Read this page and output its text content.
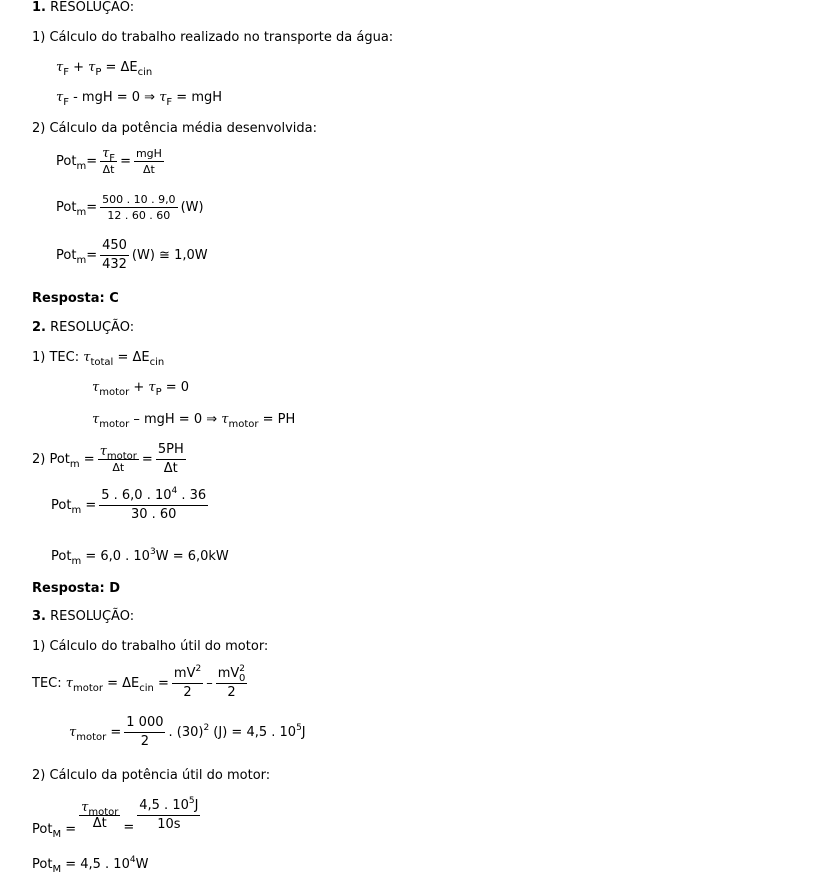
1. RESOLUÇÃO:
1) Cálculo do trabalho realizado no transporte da água:
$\tau_F + \tau_P = \Delta E_{cin}$
$\tau_F$ - mgH = 0 ⇒ $\tau_F$ = mgH
2) Cálculo da potência média desenvolvida:
$Pot_m= \frac{\tau_F}{\Delta t}$ = mgH
Δt
$Pot_m= \frac{500 . 10 . 9,0}{12 . 60 . 60} (W)$
$Pot_m= \frac{450}{432} (W)$ ≅ 1,0W
Resposta: C
2. RESOLUÇÃO:
1) TEC: $\tau_{total} = \Delta E_{cin}$
$\tau_{motor} + \tau_P = 0$
$\tau_{motor}$ – mgH = 0 ⇒ $\tau_{motor}$ = PH
2) $Pot_m = \tau_{motor}$
Δt
= $\frac{5PH}{\Delta t}$
$Pot_m = \frac{5 . 6,0 . 10^4 . 36}{30 . 60}$
Pot$_m$ = 6,0 . $10^3W = 6,0kW$
Resposta: D
3. RESOLUÇÃO:
1) Cálculo do trabalho útil do motor:
TEC: $\tau_{motor} = \Delta E_{cin} = \frac{mV^2}{2} - \frac{mV^2_0}{2}$
$\tau_{motor} = \frac{1 000}{2}$ . $(30)^2$ (J) = 4,5 . $10^5J$
2) Cálculo da potência útil do motor:
Pot$_M$ =
$\tau_{motor}$
Δt	= $\frac{4,5 . 10^5J}{10s}$
Pot$_M$ = 4,5 . $10^4W$
